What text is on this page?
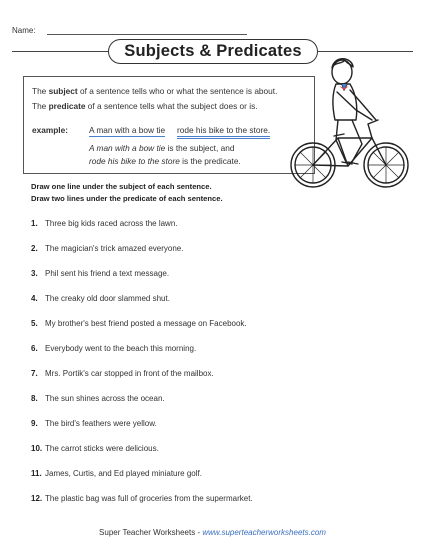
Name:
Subjects & Predicates
The subject of a sentence tells who or what the sentence is about.
The predicate of a sentence tells what the subject does or is.
example:	A man with a bow tie rode his bike to the store.
A man with a bow tie is the subject, and
rode his bike to the store is the predicate.
Draw one line under the subject of each sentence.
Draw two lines under the predicate of each sentence.
1. Three big kids raced across the lawn.
2. The magician's trick amazed everyone.
3. Phil sent his friend a text message.
4. The creaky old door slammed shut.
5. My brother's best friend posted a message on Facebook.
6. Everybody went to the beach this morning.
7. Mrs. Portik's car stopped in front of the mailbox.
8. The sun shines across the ocean.
9. The bird's feathers were yellow.
10. The carrot sticks were delicious.
11. James, Curtis, and Ed played miniature golf.
12. The plastic bag was full of groceries from the supermarket.
Super Teacher Worksheets - www.superteacherworksheets.com
